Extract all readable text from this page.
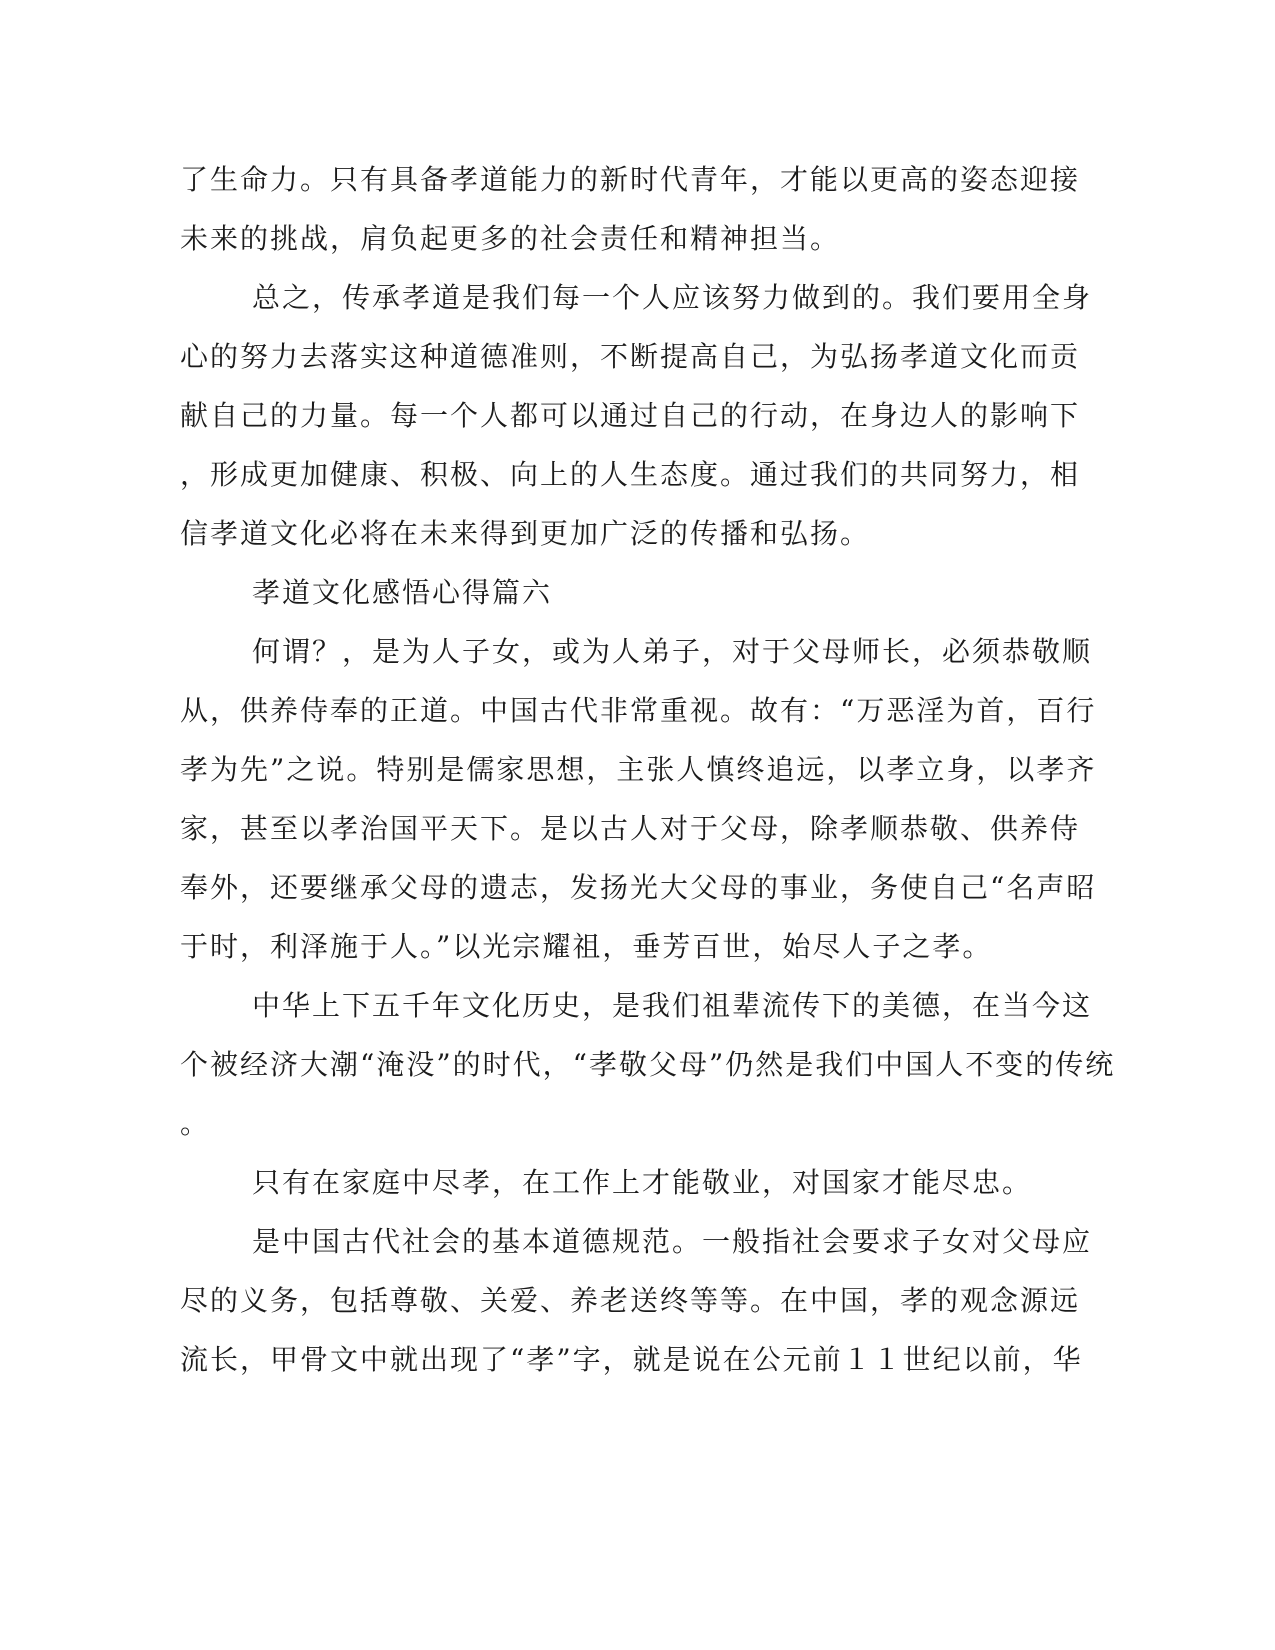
了生命力。只有具备孝道能力的新时代青年，才能以更高的姿态迎接
未来的挑战，肩负起更多的社会责任和精神担当。
总之，传承孝道是我们每一个人应该努力做到的。我们要用全身
心的努力去落实这种道德准则，不断提高自己，为弘扬孝道文化而贡
献自己的力量。每一个人都可以通过自己的行动，在身边人的影响下
，形成更加健康、积极、向上的人生态度。通过我们的共同努力，相
信孝道文化必将在未来得到更加广泛的传播和弘扬。
孝道文化感悟心得篇六
何谓？，是为人子女，或为人弟子，对于父母师长，必须恭敬顺
从，供养侍奉的正道。中国古代非常重视。故有：“万恶淫为首，百行
孝为先”之说。特别是儒家思想，主张人慎终追远，以孝立身，以孝齐
家，甚至以孝治国平天下。是以古人对于父母，除孝顺恭敬、供养侍
奉外，还要继承父母的遗志，发扬光大父母的事业，务使自己“名声昭
于时，利泽施于人。”以光宗耀祖，垂芳百世，始尽人子之孝。
中华上下五千年文化历史，是我们祖辈流传下的美德，在当今这
个被经济大潮“淹没”的时代，“孝敬父母”仍然是我们中国人不变的传统
。
只有在家庭中尽孝，在工作上才能敬业，对国家才能尽忠。
是中国古代社会的基本道德规范。一般指社会要求子女对父母应
尽的义务，包括尊敬、关爱、养老送终等等。在中国，孝的观念源远
流长，甲骨文中就出现了“孝”字，就是说在公元前１１世纪以前，华
